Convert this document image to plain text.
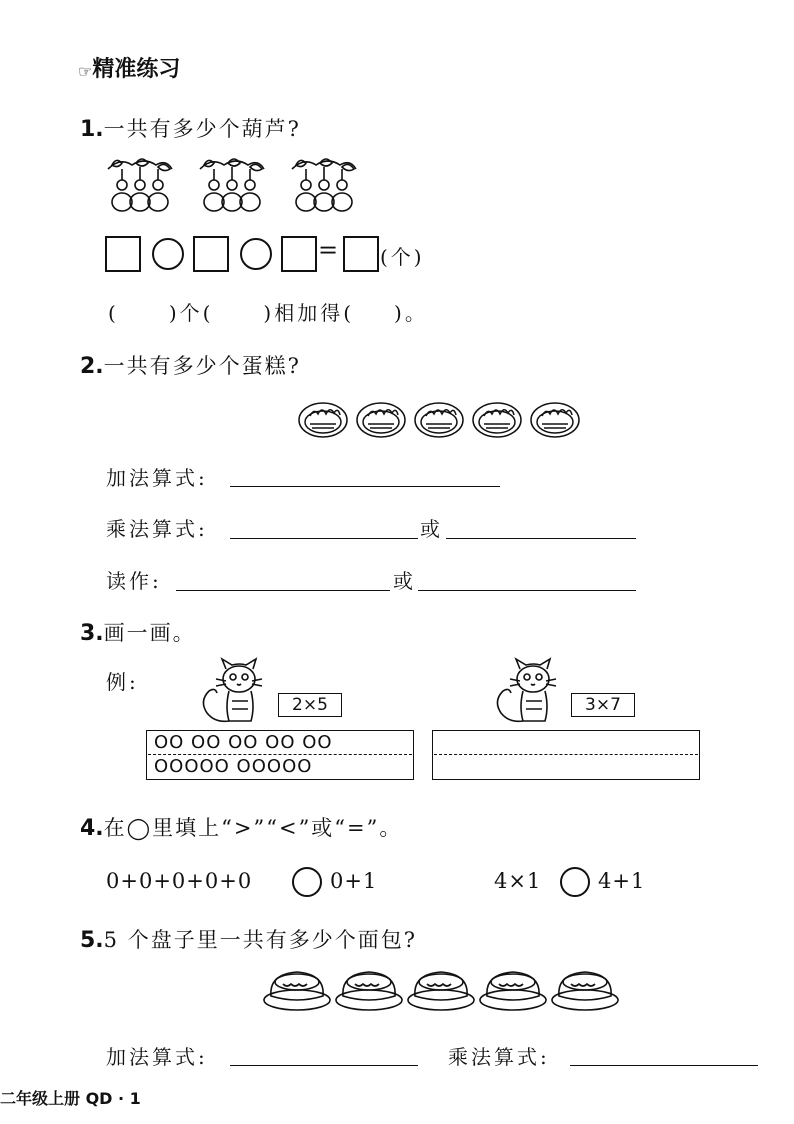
☞精准练习
1.一共有多少个葫芦?
= (个)
(	)个(	)相加得( )。
2.一共有多少个蛋糕?
加法算式:
乘法算式:	或
读作:	或
3.画一画。
例:
2×5
OO OO OO OO OO
OOOOO OOOOO
3×7
4.在◯里填上“>”“<”或“=”。
0+0+0+0+0	0+1	4×1	4+1
5.5 个盘子里一共有多少个面包?
加法算式:	乘法算式:
二年级上册 QD · 1
